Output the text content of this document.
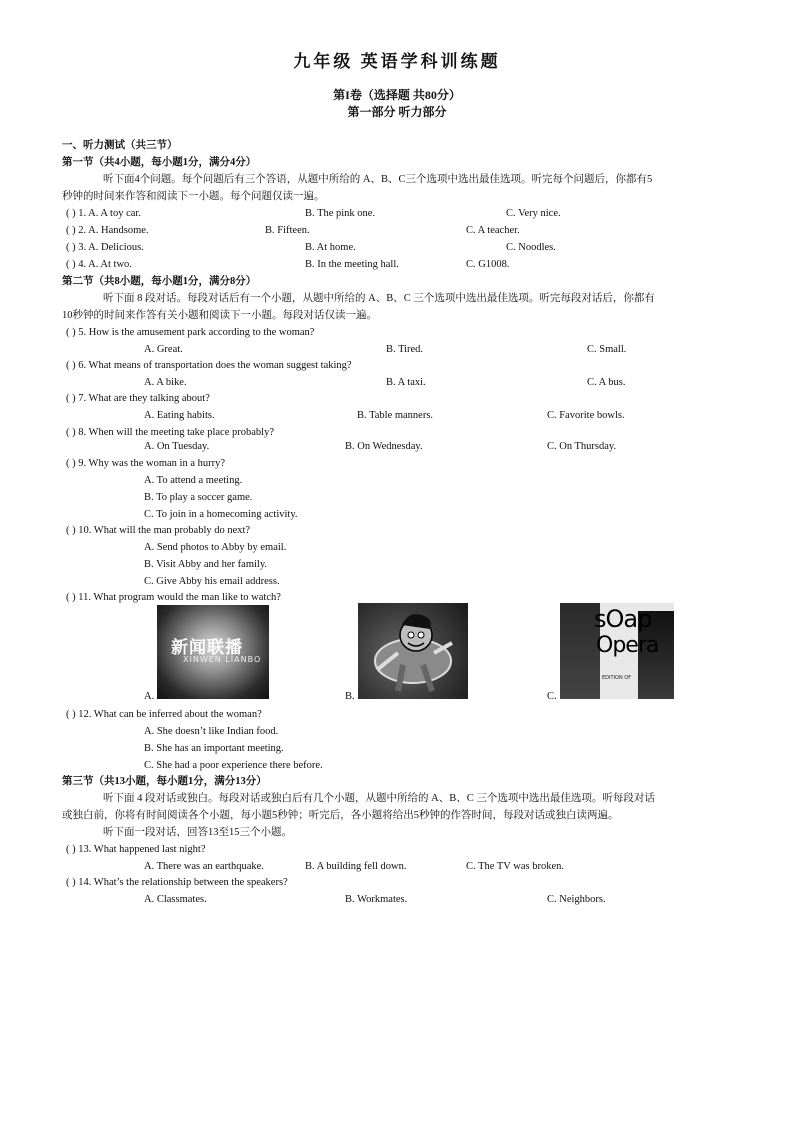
九年级 英语学科训练题
第I卷（选择题 共80分）
第一部分 听力部分
一、听力测试（共三节）
第一节（共4小题，每小题1分，满分4分）
听下面4个问题。每个问题后有三个答语，从题中所给的 A、B、C三个选项中选出最佳选项。听完每个问题后，你都有5
秒钟的时间来作答和阅读下一小题。每个问题仅读一遍。
( ) 1. A. A toy car.	B. The pink one.	C. Very nice.
( ) 2. A. Handsome.	B. Fifteen.	C. A teacher.
( ) 3. A. Delicious.	B. At home.	C. Noodles.
( ) 4. A. At two.	B. In the meeting hall.	C. G1008.
第二节（共8小题，每小题1分，满分8分）
听下面 8 段对话。每段对话后有一个小题，从题中所给的 A、B、C 三个选项中选出最佳选项。听完每段对话后，你都有
10秒钟的时间来作答有关小题和阅读下一小题。每段对话仅读一遍。
( ) 5. How is the amusement park according to the woman?
A. Great.	B. Tired.	C. Small.
( ) 6. What means of transportation does the woman suggest taking?
A. A bike.	B. A taxi.	C. A bus.
( ) 7. What are they talking about?
A. Eating habits.	B. Table manners.	C. Favorite bowls.
( ) 8. When will the meeting take place probably?
A. On Tuesday.	B. On Wednesday.	C. On Thursday.
( ) 9. Why was the woman in a hurry?
A. To attend a meeting.
B. To play a soccer game.
C. To join in a homecoming activity.
( ) 10. What will the man probably do next?
A. Send photos to Abby by email.
B. Visit Abby and her family.
C. Give Abby his email address.
( ) 11. What program would the man like to watch?
新闻联播
XINWEN LIANBO
A.	B.
sOap
Opera
EDITION OF
C.
( ) 12. What can be inferred about the woman?
A. She doesn’t like Indian food.
B. She has an important meeting.
C. She had a poor experience there before.
第三节（共13小题，每小题1分，满分13分）
听下面 4 段对话或独白。每段对话或独白后有几个小题，从题中所给的 A、B、C 三个选项中选出最佳选项。听每段对话
或独白前，你将有时间阅读各个小题，每小题5秒钟；听完后，各小题将给出5秒钟的作答时间，每段对话或独白读两遍。
听下面一段对话，回答13至15三个小题。
( ) 13. What happened last night?
A. There was an earthquake.	B. A building fell down.	C. The TV was broken.
( ) 14. What’s the relationship between the speakers?
A. Classmates.	B. Workmates.	C. Neighbors.
